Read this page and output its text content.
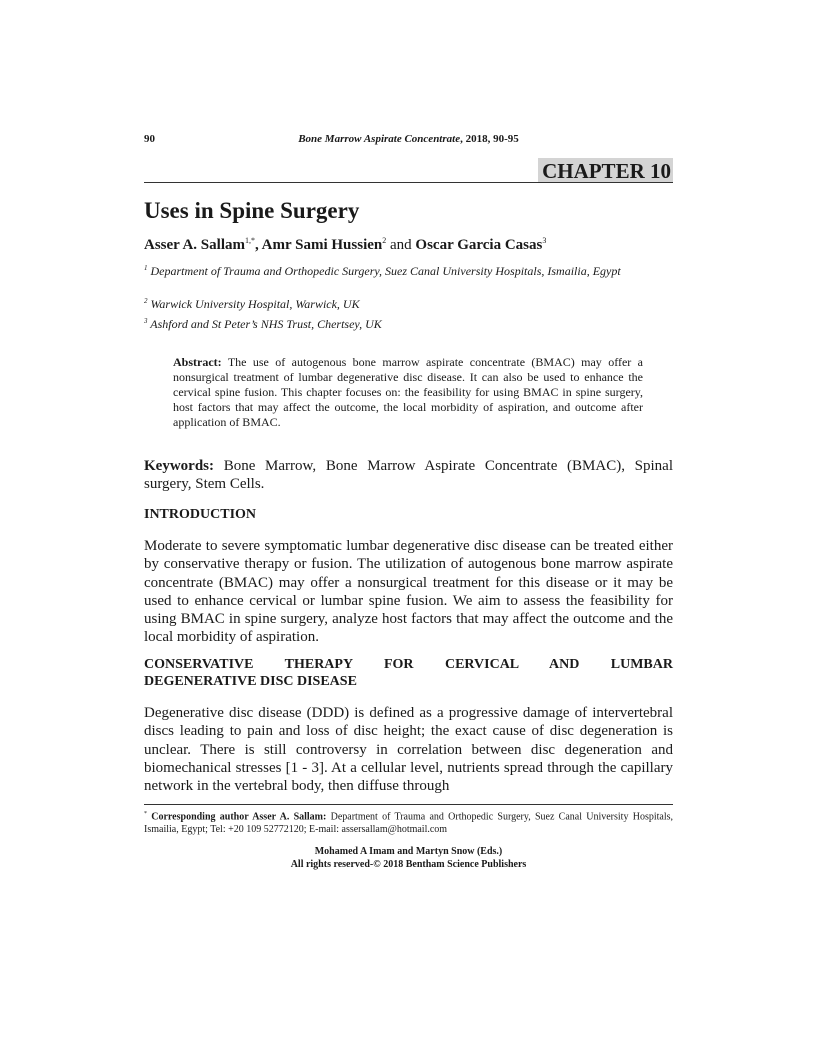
90	Bone Marrow Aspirate Concentrate, 2018, 90-95
CHAPTER 10
Uses in Spine Surgery
Asser A. Sallam$^{1,*}$, Amr Sami Hussien$^2$ and Oscar Garcia Casas$^3$
$^1$ Department of Trauma and Orthopedic Surgery, Suez Canal University Hospitals, Ismailia, Egypt
$^2$ Warwick University Hospital, Warwick, UK
$^3$ Ashford and St Peter’s NHS Trust, Chertsey, UK
Abstract: The use of autogenous bone marrow aspirate concentrate (BMAC) may offer a nonsurgical treatment of lumbar degenerative disc disease. It can also be used to enhance the cervical spine fusion. This chapter focuses on: the feasibility for using BMAC in spine surgery, host factors that may affect the outcome, the local morbidity of aspiration, and outcome after application of BMAC.
Keywords: Bone Marrow, Bone Marrow Aspirate Concentrate (BMAC), Spinal surgery, Stem Cells.
INTRODUCTION
Moderate to severe symptomatic lumbar degenerative disc disease can be treated either by conservative therapy or fusion. The utilization of autogenous bone marrow aspirate concentrate (BMAC) may offer a nonsurgical treatment for this disease or it may be used to enhance cervical or lumbar spine fusion. We aim to assess the feasibility for using BMAC in spine surgery, analyze host factors that may affect the outcome and the local morbidity of aspiration.
CONSERVATIVE THERAPY FOR CERVICAL AND LUMBAR
DEGENERATIVE DISC DISEASE
Degenerative disc disease (DDD) is defined as a progressive damage of intervertebral discs leading to pain and loss of disc height; the exact cause of disc degeneration is unclear. There is still controversy in correlation between disc degeneration and biomechanical stresses [1 - 3]. At a cellular level, nutrients spread through the capillary network in the vertebral body, then diffuse through
* Corresponding author Asser A. Sallam: Department of Trauma and Orthopedic Surgery, Suez Canal University Hospitals, Ismailia, Egypt; Tel: +20 109 52772120; E-mail: assersallam@hotmail.com
Mohamed A Imam and Martyn Snow (Eds.)
All rights reserved-© 2018 Bentham Science Publishers
